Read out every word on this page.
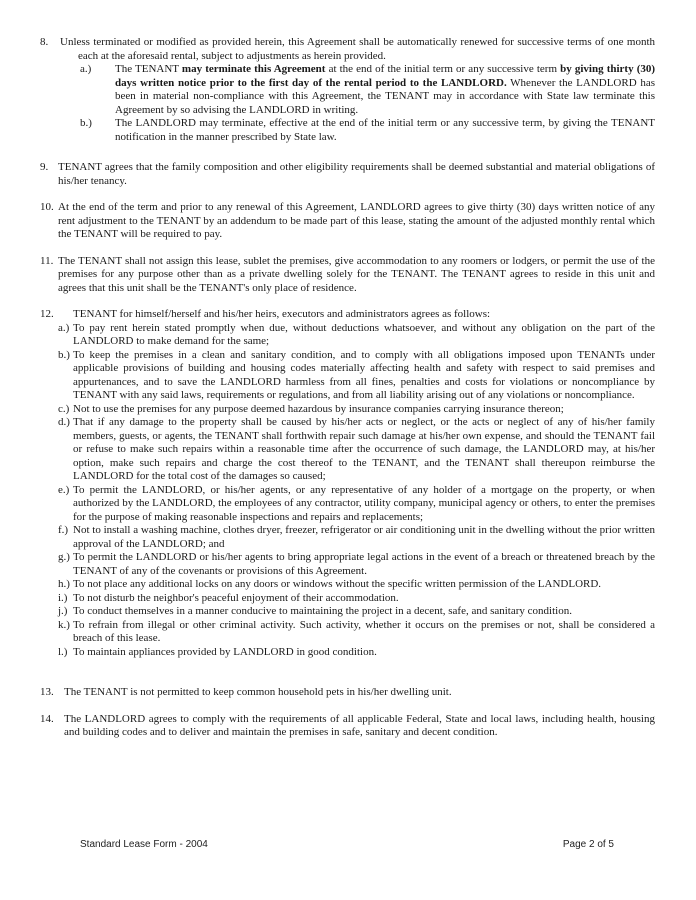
8.	Unless terminated or modified as provided herein, this Agreement shall be automatically renewed for successive terms of one month each at the aforesaid rental, subject to adjustments as herein provided.
a.)	The TENANT may terminate this Agreement at the end of the initial term or any successive term by giving thirty (30) days written notice prior to the first day of the rental period to the LANDLORD. Whenever the LANDLORD has been in material non-compliance with this Agreement, the TENANT may in accordance with State law terminate this Agreement by so advising the LANDLORD in writing.
b.)	The LANDLORD may terminate, effective at the end of the initial term or any successive term, by giving the TENANT notification in the manner prescribed by State law.
9. TENANT agrees that the family composition and other eligibility requirements shall be deemed substantial and material obligations of his/her tenancy.
10. At the end of the term and prior to any renewal of this Agreement, LANDLORD agrees to give thirty (30) days written notice of any rent adjustment to the TENANT by an addendum to be made part of this lease, stating the amount of the adjusted monthly rental which the TENANT will be required to pay.
11. The TENANT shall not assign this lease, sublet the premises, give accommodation to any roomers or lodgers, or permit the use of the premises for any purpose other than as a private dwelling solely for the TENANT. The TENANT agrees to reside in this unit and agrees that this unit shall be the TENANT's only place of residence.
12.	TENANT for himself/herself and his/her heirs, executors and administrators agrees as follows:
a.) To pay rent herein stated promptly when due, without deductions whatsoever, and without any obligation on the part of the LANDLORD to make demand for the same;
b.) To keep the premises in a clean and sanitary condition, and to comply with all obligations imposed upon TENANTs under applicable provisions of building and housing codes materially affecting health and safety with respect to said premises and appurtenances, and to save the LANDLORD harmless from all fines, penalties and costs for violations or noncompliance by TENANT with any said laws, requirements or regulations, and from all liability arising out of any violations or noncompliance.
c.) Not to use the premises for any purpose deemed hazardous by insurance companies carrying insurance thereon;
d.) That if any damage to the property shall be caused by his/her acts or neglect, or the acts or neglect of any of his/her family members, guests, or agents, the TENANT shall forthwith repair such damage at his/her own expense, and should the TENANT fail or refuse to make such repairs within a reasonable time after the occurrence of such damage, the LANDLORD may, at his/her option, make such repairs and charge the cost thereof to the TENANT, and the TENANT shall thereupon reimburse the LANDLORD for the total cost of the damages so caused;
e.) To permit the LANDLORD, or his/her agents, or any representative of any holder of a mortgage on the property, or when authorized by the LANDLORD, the employees of any contractor, utility company, municipal agency or others, to enter the premises for the purpose of making reasonable inspections and repairs and replacements;
f.) Not to install a washing machine, clothes dryer, freezer, refrigerator or air conditioning unit in the dwelling without the prior written approval of the LANDLORD; and
g.) To permit the LANDLORD or his/her agents to bring appropriate legal actions in the event of a breach or threatened breach by the TENANT of any of the covenants or provisions of this Agreement.
h.) To not place any additional locks on any doors or windows without the specific written permission of the LANDLORD.
i.) To not disturb the neighbor's peaceful enjoyment of their accommodation.
j.) To conduct themselves in a manner conducive to maintaining the project in a decent, safe, and sanitary condition.
k.) To refrain from illegal or other criminal activity. Such activity, whether it occurs on the premises or not, shall be considered a breach of this lease.
l.) To maintain appliances provided by LANDLORD in good condition.
13. The TENANT is not permitted to keep common household pets in his/her dwelling unit.
14. The LANDLORD agrees to comply with the requirements of all applicable Federal, State and local laws, including health, housing and building codes and to deliver and maintain the premises in safe, sanitary and decent condition.
Standard Lease Form - 2004	Page 2 of 5
